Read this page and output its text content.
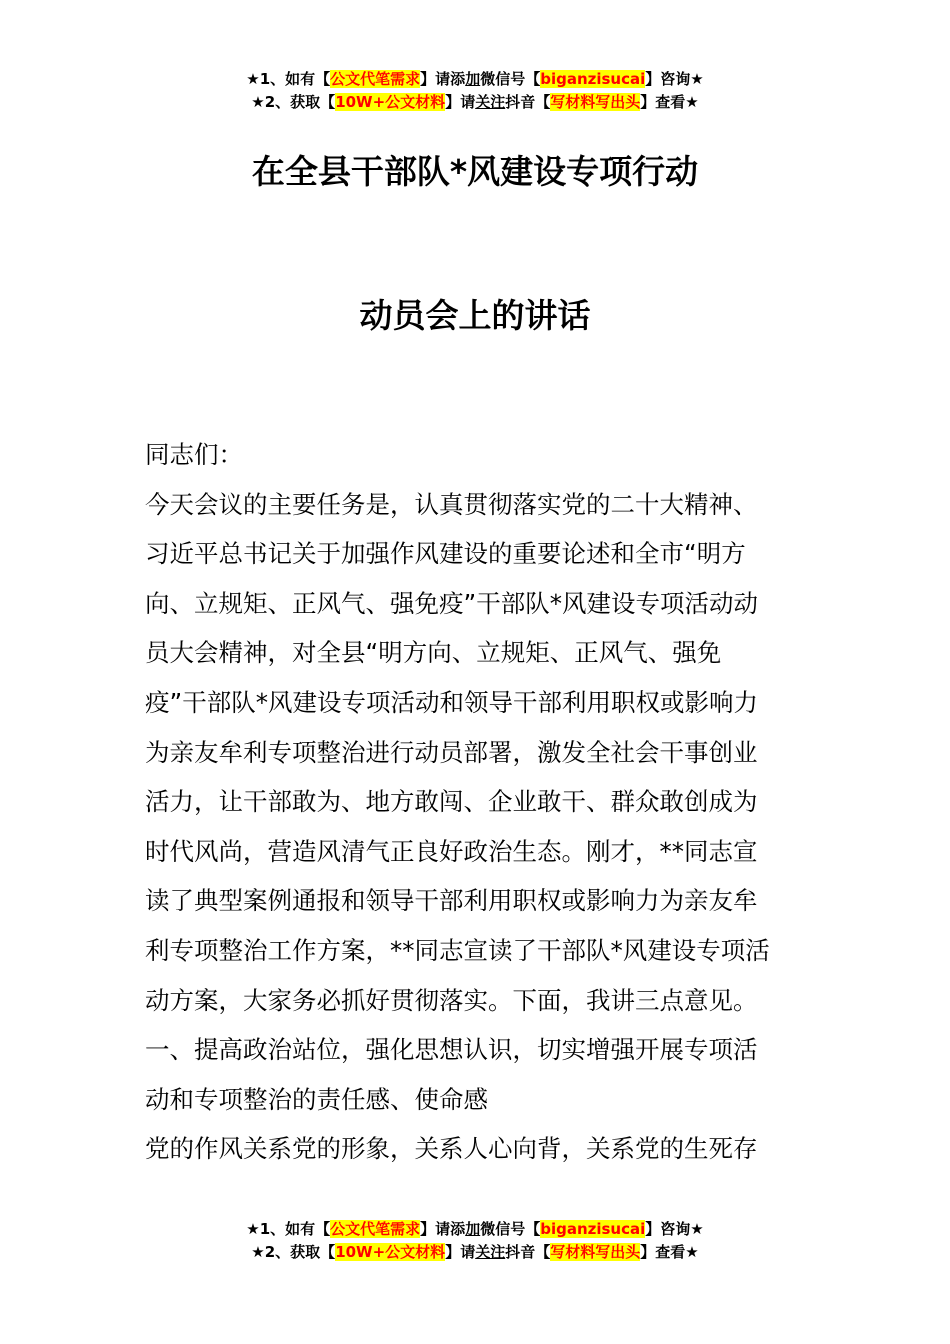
★1、如有【公文代笔需求】请添加微信号【biganzisucai】咨询★
★2、获取【10W+公文材料】请关注抖音【写材料写出头】查看★
在全县干部队*风建设专项行动
动员会上的讲话
同志们：
今天会议的主要任务是，认真贯彻落实党的二十大精神、
习近平总书记关于加强作风建设的重要论述和全市“明方
向、立规矩、正风气、强免疫”干部队*风建设专项活动动
员大会精神，对全县“明方向、立规矩、正风气、强免
疫”干部队*风建设专项活动和领导干部利用职权或影响力
为亲友牟利专项整治进行动员部署，激发全社会干事创业
活力，让干部敢为、地方敢闯、企业敢干、群众敢创成为
时代风尚，营造风清气正良好政治生态。刚才，**同志宣
读了典型案例通报和领导干部利用职权或影响力为亲友牟
利专项整治工作方案，**同志宣读了干部队*风建设专项活
动方案，大家务必抓好贯彻落实。下面，我讲三点意见。
一、提高政治站位，强化思想认识，切实增强开展专项活
动和专项整治的责任感、使命感
党的作风关系党的形象，关系人心向背，关系党的生死存
★1、如有【公文代笔需求】请添加微信号【biganzisucai】咨询★
★2、获取【10W+公文材料】请关注抖音【写材料写出头】查看★
